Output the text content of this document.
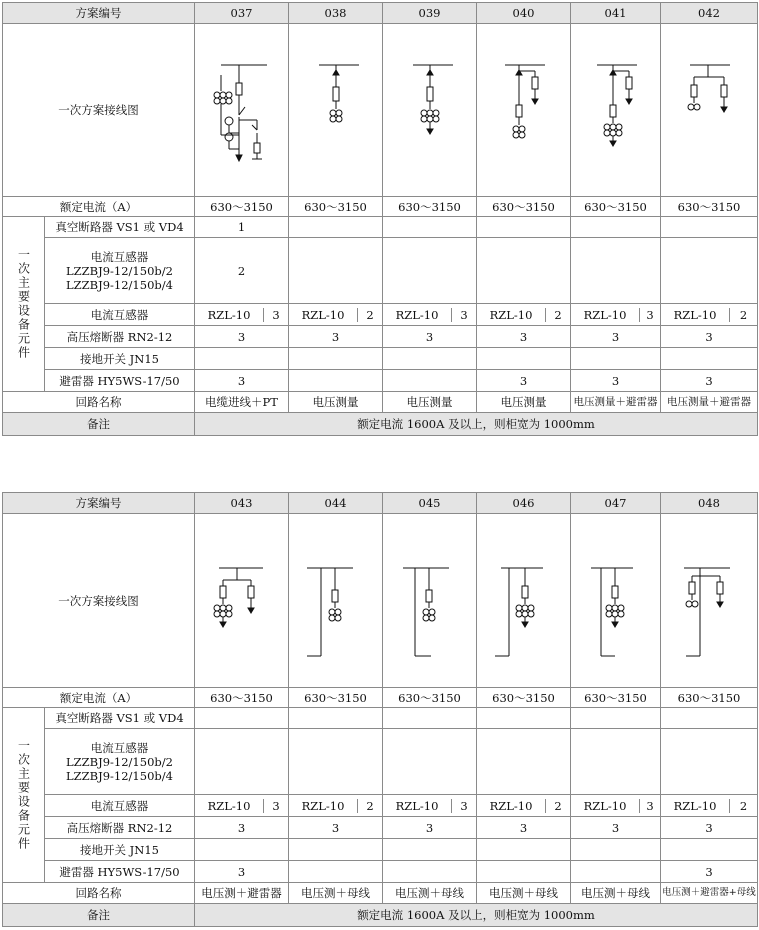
方案编号		037	038	039	040	041	042
一次方案接线图	

额定电流（A）		630～3150	630～3150	630～3150	630～3150	630～3150	630～3150
一次主要设备元件	真空断路器 VS1 或 VD4	1					

	电流互感器
LZZBJ9-12/150b/2
LZZBJ9-12/150b/4	2					
	电流互感器	RZL-10 3	RZL-10 2	RZL-10 3	RZL-10 2	RZL-10 3	RZL-10 2

	高压熔断器 RN2-12	3	3	3	3	3	3
	接地开关 JN15						
	避雷器 HY5WS-17/50	3			3	3	3
回路名称		电缆进线＋PT	电压测量	电压测量	电压测量	电压测量＋避雷器	电压测量＋避雷器
备注		额定电流 1600A 及以上，则柜宽为 1000mm					
方案编号		043	044	045	046	047	048
一次方案接线图	

额定电流（A）		630～3150	630～3150	630～3150	630～3150	630～3150	630～3150
一次主要设备元件	真空断路器 VS1 或 VD4						

	电流互感器
LZZBJ9-12/150b/2
LZZBJ9-12/150b/4						

	电流互感器	RZL-10 3	RZL-10 2	RZL-10 3	RZL-10 2	RZL-10 3	RZL-10 2

	高压熔断器 RN2-12	3	3	3	3	3	3
	接地开关 JN15						
	避雷器 HY5WS-17/50	3					3
回路名称		电压测＋避雷器	电压测＋母线	电压测＋母线	电压测＋母线	电压测＋母线	电压测＋避雷器+母线
备注		额定电流 1600A 及以上，则柜宽为 1000mm					
